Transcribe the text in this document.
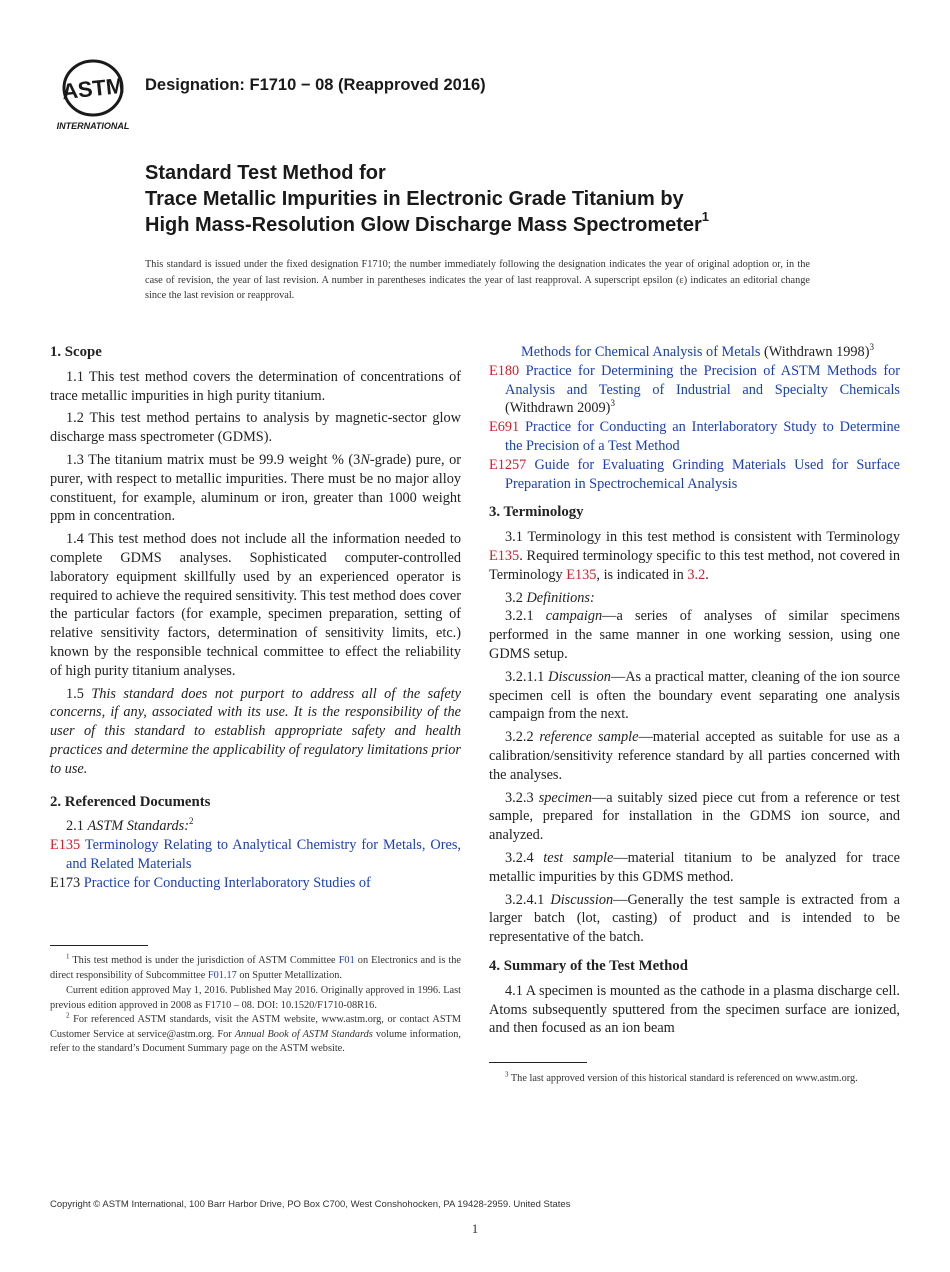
ASTM
INTERNATIONAL
Designation: F1710 − 08 (Reapproved 2016)
Standard Test Method for
Trace Metallic Impurities in Electronic Grade Titanium by
High Mass-Resolution Glow Discharge Mass Spectrometer$^1$
This standard is issued under the fixed designation F1710; the number immediately following the designation indicates the year of original adoption or, in the case of revision, the year of last revision. A number in parentheses indicates the year of last reapproval. A superscript epsilon (ε) indicates an editorial change since the last revision or reapproval.
1. Scope

1.1 This test method covers the determination of concentrations of trace metallic impurities in high purity titanium.

1.2 This test method pertains to analysis by magnetic-sector glow discharge mass spectrometer (GDMS).

1.3 The titanium matrix must be 99.9 weight % (3N-grade) pure, or purer, with respect to metallic impurities. There must be no major alloy constituent, for example, aluminum or iron, greater than 1000 weight ppm in concentration.

1.4 This test method does not include all the information needed to complete GDMS analyses. Sophisticated computer-controlled laboratory equipment skillfully used by an experienced operator is required to achieve the required sensitivity. This test method does cover the particular factors (for example, specimen preparation, setting of relative sensitivity factors, determination of sensitivity limits, etc.) known by the responsible technical committee to effect the reliability of high purity titanium analyses.

1.5 This standard does not purport to address all of the safety concerns, if any, associated with its use. It is the responsibility of the user of this standard to establish appropriate safety and health practices and determine the applicability of regulatory limitations prior to use.

2. Referenced Documents

2.1 ASTM Standards:$^2$

E135 Terminology Relating to Analytical Chemistry for Metals, Ores, and Related Materials

E173 Practice for Conducting Interlaboratory Studies of

Methods for Chemical Analysis of Metals (Withdrawn 1998)$^3$

E180 Practice for Determining the Precision of ASTM Methods for Analysis and Testing of Industrial and Specialty Chemicals (Withdrawn 2009)$^3$

E691 Practice for Conducting an Interlaboratory Study to Determine the Precision of a Test Method

E1257 Guide for Evaluating Grinding Materials Used for Surface Preparation in Spectrochemical Analysis

3. Terminology

3.1 Terminology in this test method is consistent with Terminology E135. Required terminology specific to this test method, not covered in Terminology E135, is indicated in 3.2.

3.2 Definitions:

3.2.1 campaign—a series of analyses of similar specimens performed in the same manner in one working session, using one GDMS setup.

3.2.1.1 Discussion—As a practical matter, cleaning of the ion source specimen cell is often the boundary event separating one analysis campaign from the next.

3.2.2 reference sample—material accepted as suitable for use as a calibration/sensitivity reference standard by all parties concerned with the analyses.

3.2.3 specimen—a suitably sized piece cut from a reference or test sample, prepared for installation in the GDMS ion source, and analyzed.

3.2.4 test sample—material titanium to be analyzed for trace metallic impurities by this GDMS method.

3.2.4.1 Discussion—Generally the test sample is extracted from a larger batch (lot, casting) of product and is intended to be representative of the batch.

4. Summary of the Test Method

4.1 A specimen is mounted as the cathode in a plasma discharge cell. Atoms subsequently sputtered from the specimen surface are ionized, and then focused as an ion beam

$^1$ This test method is under the jurisdiction of ASTM Committee F01 on Electronics and is the direct responsibility of Subcommittee F01.17 on Sputter Metallization.

Current edition approved May 1, 2016. Published May 2016. Originally approved in 1996. Last previous edition approved in 2008 as F1710 – 08. DOI: 10.1520/F1710-08R16.

$^2$ For referenced ASTM standards, visit the ASTM website, www.astm.org, or contact ASTM Customer Service at service@astm.org. For Annual Book of ASTM Standards volume information, refer to the standard’s Document Summary page on the ASTM website.

$^3$ The last approved version of this historical standard is referenced on www.astm.org.

Copyright © ASTM International, 100 Barr Harbor Drive, PO Box C700, West Conshohocken, PA 19428-2959. United States
1
